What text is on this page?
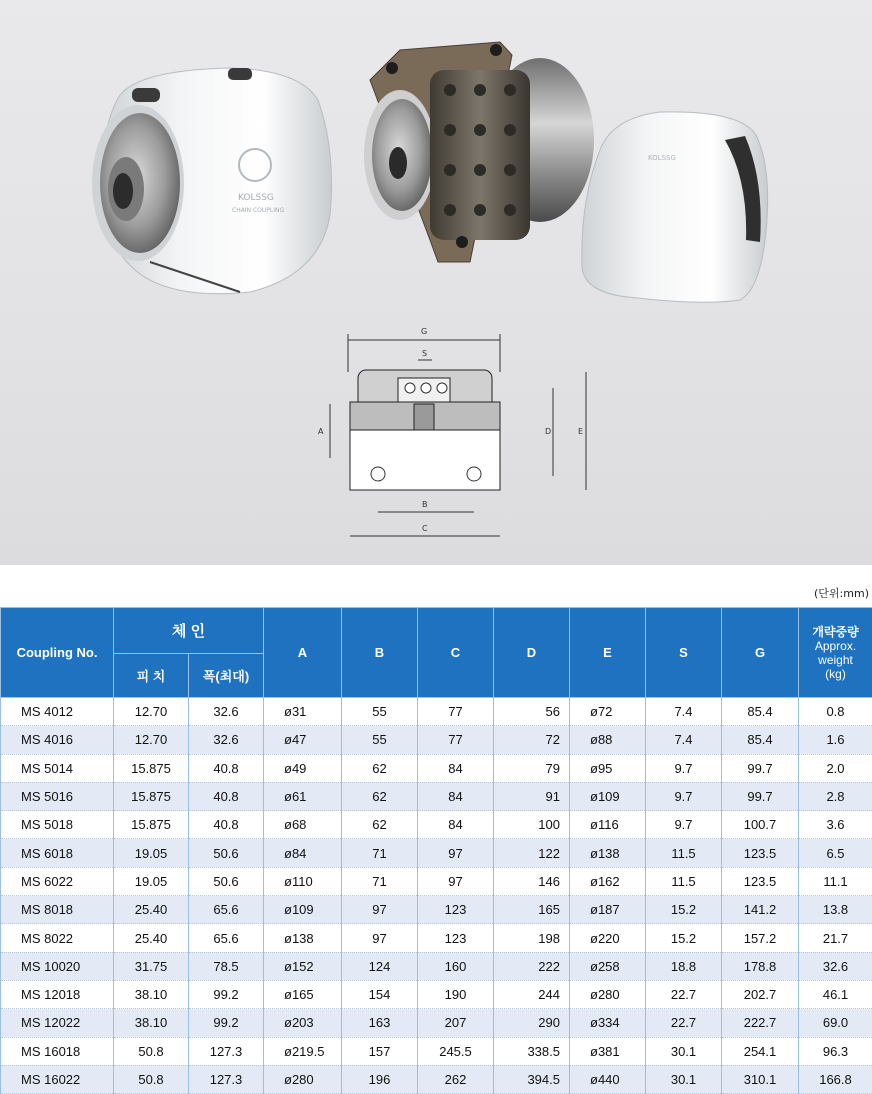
KOLSSG
CHAIN COUPLING
KOLSSG
G
S
A	D	E
B
C
(단위:mm)
Coupling No.	체 인		A	B	C	D	E	S	G	개략중량
Approx.
weight
(kg)

	피 치	폭(최대)								
MS 4012	12.70	32.6	ø31	55	77	56	ø72	7.4	85.4	0.8
MS 4016	12.70	32.6	ø47	55	77	72	ø88	7.4	85.4	1.6
MS 5014	15.875	40.8	ø49	62	84	79	ø95	9.7	99.7	2.0
MS 5016	15.875	40.8	ø61	62	84	91	ø109	9.7	99.7	2.8
MS 5018	15.875	40.8	ø68	62	84	100	ø116	9.7	100.7	3.6
MS 6018	19.05	50.6	ø84	71	97	122	ø138	11.5	123.5	6.5
MS 6022	19.05	50.6	ø110	71	97	146	ø162	11.5	123.5	11.1
MS 8018	25.40	65.6	ø109	97	123	165	ø187	15.2	141.2	13.8
MS 8022	25.40	65.6	ø138	97	123	198	ø220	15.2	157.2	21.7
MS 10020	31.75	78.5	ø152	124	160	222	ø258	18.8	178.8	32.6
MS 12018	38.10	99.2	ø165	154	190	244	ø280	22.7	202.7	46.1
MS 12022	38.10	99.2	ø203	163	207	290	ø334	22.7	222.7	69.0
MS 16018	50.8	127.3	ø219.5	157	245.5	338.5	ø381	30.1	254.1	96.3
MS 16022	50.8	127.3	ø280	196	262	394.5	ø440	30.1	310.1	166.8
